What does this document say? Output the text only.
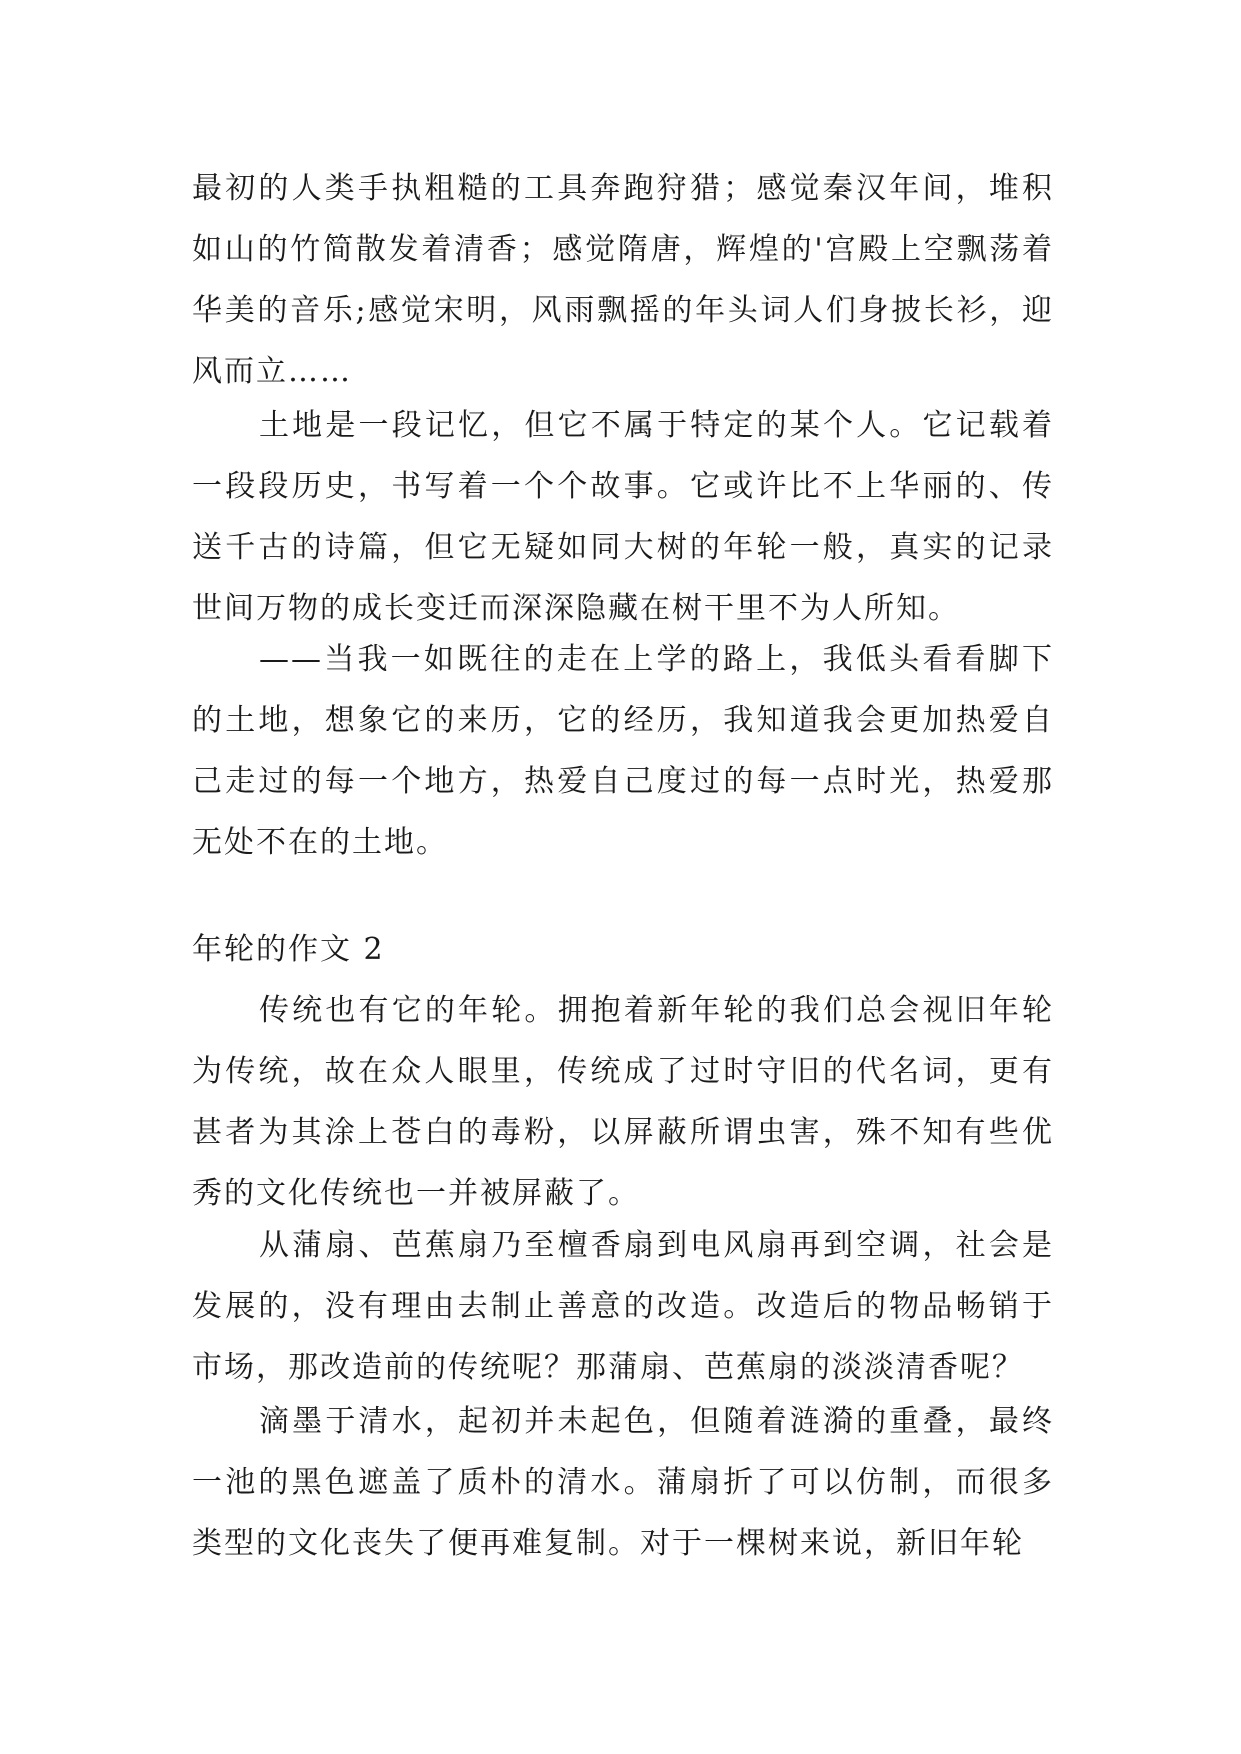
最初的人类手执粗糙的工具奔跑狩猎；感觉秦汉年间，堆积如山的竹简散发着清香；感觉隋唐，辉煌的'宫殿上空飘荡着华美的音乐;感觉宋明，风雨飘摇的年头词人们身披长衫，迎风而立……

土地是一段记忆，但它不属于特定的某个人。它记载着一段段历史，书写着一个个故事。它或许比不上华丽的、传送千古的诗篇，但它无疑如同大树的年轮一般，真实的记录世间万物的成长变迁而深深隐藏在树干里不为人所知。

——当我一如既往的走在上学的路上，我低头看看脚下的土地，想象它的来历，它的经历，我知道我会更加热爱自己走过的每一个地方，热爱自己度过的每一点时光，热爱那无处不在的土地。

年轮的作文 2

传统也有它的年轮。拥抱着新年轮的我们总会视旧年轮为传统，故在众人眼里，传统成了过时守旧的代名词，更有甚者为其涂上苍白的毒粉，以屏蔽所谓虫害，殊不知有些优秀的文化传统也一并被屏蔽了。

从蒲扇、芭蕉扇乃至檀香扇到电风扇再到空调，社会是发展的，没有理由去制止善意的改造。改造后的物品畅销于市场，那改造前的传统呢？那蒲扇、芭蕉扇的淡淡清香呢？

滴墨于清水，起初并未起色，但随着涟漪的重叠，最终一池的黑色遮盖了质朴的清水。蒲扇折了可以仿制，而很多类型的文化丧失了便再难复制。对于一棵树来说，新旧年轮
